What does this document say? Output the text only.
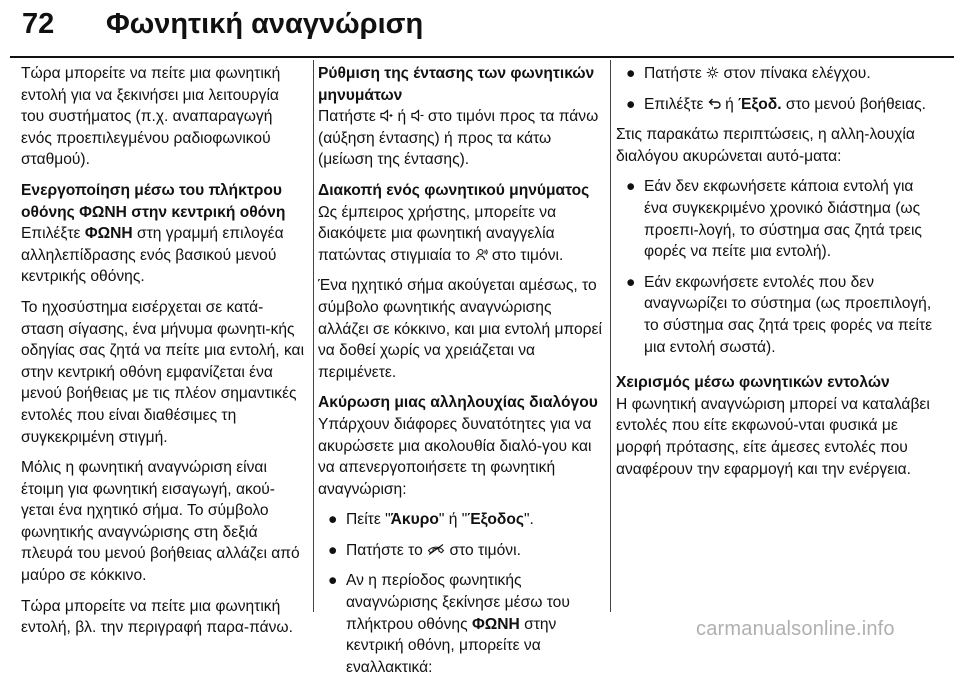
72 Φωνητική αναγνώριση

Τώρα μπορείτε να πείτε μια φωνητική εντολή για να ξεκινήσει μια λειτουργία του συστήματος (π.χ. αναπαραγωγή ενός προεπιλεγμένου ραδιοφωνικού σταθμού).

Ενεργοποίηση μέσω του πλήκτρου οθόνης ΦΩΝΗ στην κεντρική οθόνη

Επιλέξτε ΦΩΝΗ στη γραμμή επιλογέα αλληλεπίδρασης ενός βασικού μενού κεντρικής οθόνης.

Το ηχοσύστημα εισέρχεται σε κατά-σταση σίγασης, ένα μήνυμα φωνητι-κής οδηγίας σας ζητά να πείτε μια εντολή, και στην κεντρική οθόνη εμφανίζεται ένα μενού βοήθειας με τις πλέον σημαντικές εντολές που είναι διαθέσιμες τη συγκεκριμένη στιγμή.

Μόλις η φωνητική αναγνώριση είναι έτοιμη για φωνητική εισαγωγή, ακού-γεται ένα ηχητικό σήμα. Το σύμβολο φωνητικής αναγνώρισης στη δεξιά πλευρά του μενού βοήθειας αλλάζει από μαύρο σε κόκκινο.

Τώρα μπορείτε να πείτε μια φωνητική εντολή, βλ. την περιγραφή παρα-πάνω.

Ρύθμιση της έντασης των φωνητικών μηνυμάτων

Πατήστε
ή
στο τιμόνι προς τα πάνω (αύξηση έντασης) ή προς τα κάτω (μείωση της έντασης).

Διακοπή ενός φωνητικού μηνύματος

Ως έμπειρος χρήστης, μπορείτε να διακόψετε μια φωνητική αναγγελία πατώντας στιγμιαία το
στο τιμόνι.

Ένα ηχητικό σήμα ακούγεται αμέσως, το σύμβολο φωνητικής αναγνώρισης αλλάζει σε κόκκινο, και μια εντολή μπορεί να δοθεί χωρίς να χρειάζεται να περιμένετε.

Ακύρωση μιας αλληλουχίας διαλόγου

Υπάρχουν διάφορες δυνατότητες για να ακυρώσετε μια ακολουθία διαλό-γου και να απενεργοποιήσετε τη φωνητική αναγνώριση:

● Πείτε "Άκυρο" ή "Έξοδος".
● Πατήστε το
στο τιμόνι.
● Αν η περίοδος φωνητικής αναγνώρισης ξεκίνησε μέσω του πλήκτρου οθόνης ΦΩΝΗ στην κεντρική οθόνη, μπορείτε να εναλλακτικά:
● Πατήστε
στον πίνακα ελέγχου.
● Επιλέξτε
ή Έξοδ. στο μενού βοήθειας.

Στις παρακάτω περιπτώσεις, η αλλη-λουχία διαλόγου ακυρώνεται αυτό-ματα:

● Εάν δεν εκφωνήσετε κάποια εντολή για ένα συγκεκριμένο χρονικό διάστημα (ως προεπι-λογή, το σύστημα σας ζητά τρεις φορές να πείτε μια εντολή).
● Εάν εκφωνήσετε εντολές που δεν αναγνωρίζει το σύστημα (ως προεπιλογή, το σύστημα σας ζητά τρεις φορές να πείτε μια εντολή σωστά).
Χειρισμός μέσω φωνητικών εντολών

Η φωνητική αναγνώριση μπορεί να καταλάβει εντολές που είτε εκφωνού-νται φυσικά με μορφή πρότασης, είτε άμεσες εντολές που αναφέρουν την εφαρμογή και την ενέργεια.

carmanualsonline.info
